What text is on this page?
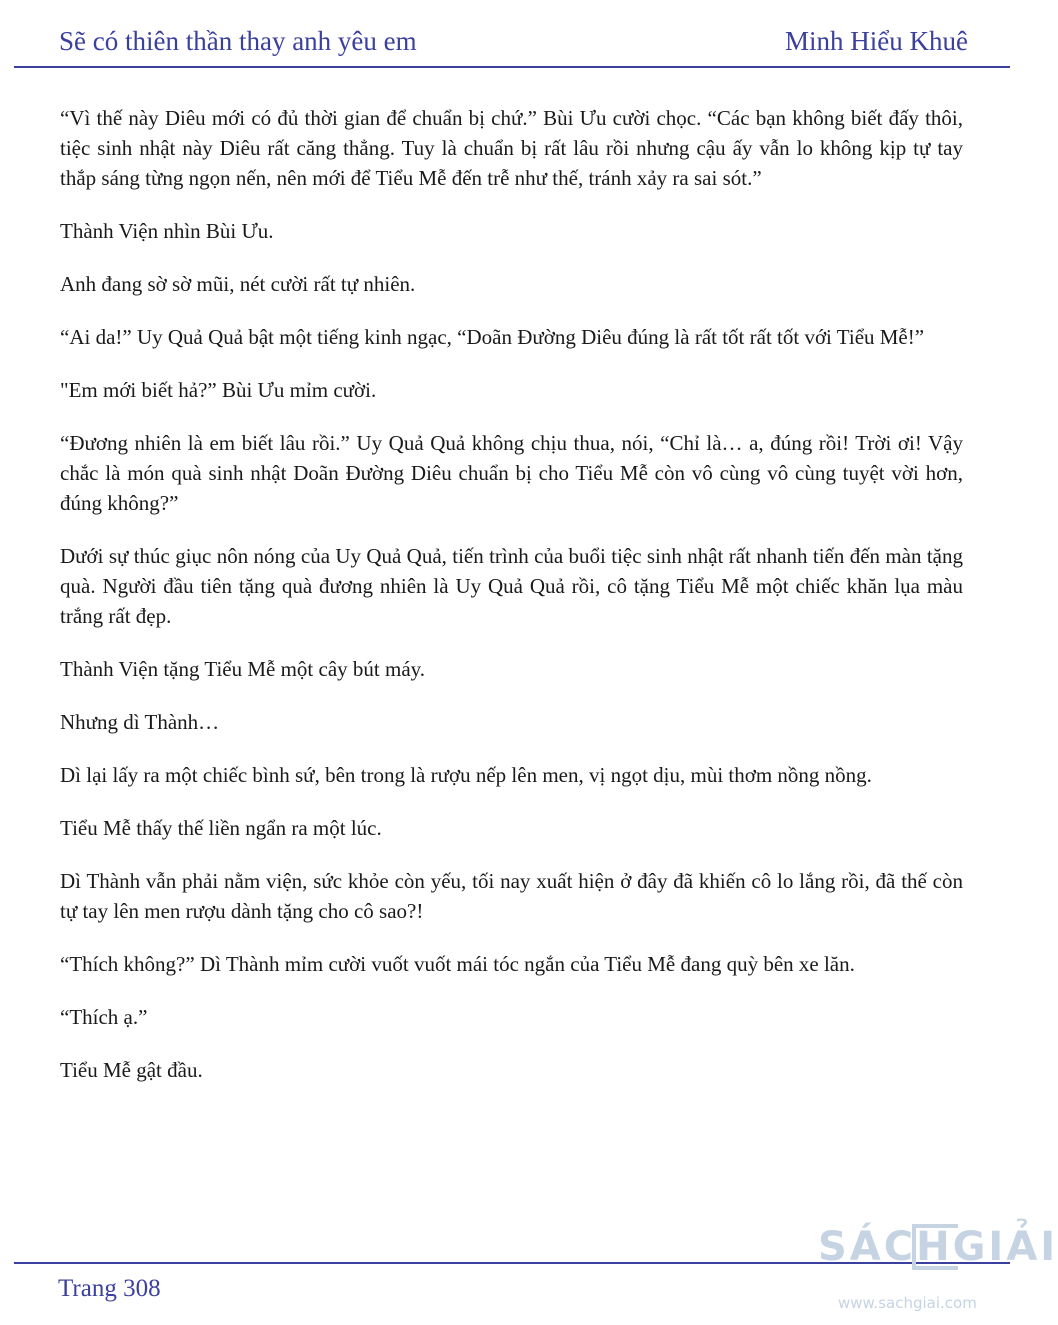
Sẽ có thiên thần thay anh yêu em	Minh Hiểu Khuê

“Vì thế này Diêu mới có đủ thời gian để chuẩn bị chứ.” Bùi Ưu cười chọc. “Các bạn không biết đấy thôi, tiệc sinh nhật này Diêu rất căng thẳng. Tuy là chuẩn bị rất lâu rồi nhưng cậu ấy vẫn lo không kịp tự tay thắp sáng từng ngọn nến, nên mới để Tiểu Mễ đến trễ như thế, tránh xảy ra sai sót.”

Thành Viện nhìn Bùi Ưu.

Anh đang sờ sờ mũi, nét cười rất tự nhiên.

“Ai da!” Uy Quả Quả bật một tiếng kinh ngạc, “Doãn Đường Diêu đúng là rất tốt rất tốt với Tiểu Mễ!”

"Em mới biết hả?” Bùi Ưu mỉm cười.

“Đương nhiên là em biết lâu rồi.” Uy Quả Quả không chịu thua, nói, “Chỉ là… a, đúng rồi! Trời ơi! Vậy chắc là món quà sinh nhật Doãn Đường Diêu chuẩn bị cho Tiểu Mễ còn vô cùng vô cùng tuyệt vời hơn, đúng không?”

Dưới sự thúc giục nôn nóng của Uy Quả Quả, tiến trình của buổi tiệc sinh nhật rất nhanh tiến đến màn tặng quà. Người đầu tiên tặng quà đương nhiên là Uy Quả Quả rồi, cô tặng Tiểu Mễ một chiếc khăn lụa màu trắng rất đẹp.

Thành Viện tặng Tiểu Mễ một cây bút máy.

Nhưng dì Thành…

Dì lại lấy ra một chiếc bình sứ, bên trong là rượu nếp lên men, vị ngọt dịu, mùi thơm nồng nồng.

Tiểu Mễ thấy thế liền ngẩn ra một lúc.

Dì Thành vẫn phải nằm viện, sức khỏe còn yếu, tối nay xuất hiện ở đây đã khiến cô lo lắng rồi, đã thế còn tự tay lên men rượu dành tặng cho cô sao?!

“Thích không?” Dì Thành mỉm cười vuốt vuốt mái tóc ngắn của Tiểu Mễ đang quỳ bên xe lăn.

“Thích ạ.”

Tiểu Mễ gật đầu.

Trang 308
SÁCHGIẢI
www.sachgiai.com
